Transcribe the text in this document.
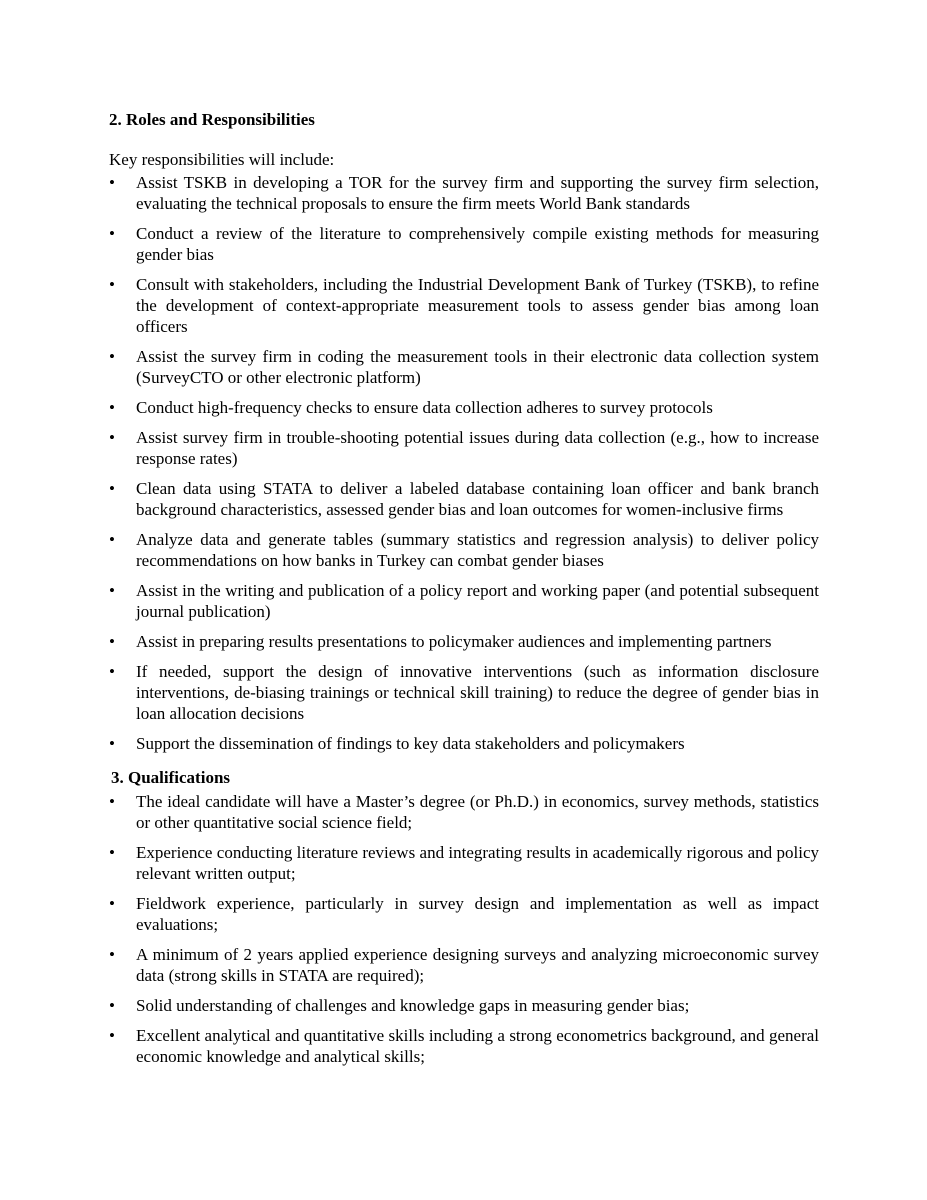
2. Roles and Responsibilities

Key responsibilities will include:

• Assist TSKB in developing a TOR for the survey firm and supporting the survey firm selection, evaluating the technical proposals to ensure the firm meets World Bank standards
• Conduct a review of the literature to comprehensively compile existing methods for measuring gender bias
• Consult with stakeholders, including the Industrial Development Bank of Turkey (TSKB), to refine the development of context-appropriate measurement tools to assess gender bias among loan officers
• Assist the survey firm in coding the measurement tools in their electronic data collection system (SurveyCTO or other electronic platform)
• Conduct high-frequency checks to ensure data collection adheres to survey protocols
• Assist survey firm in trouble-shooting potential issues during data collection (e.g., how to increase response rates)
• Clean data using STATA to deliver a labeled database containing loan officer and bank branch background characteristics, assessed gender bias and loan outcomes for women-inclusive firms
• Analyze data and generate tables (summary statistics and regression analysis) to deliver policy recommendations on how banks in Turkey can combat gender biases
• Assist in the writing and publication of a policy report and working paper (and potential subsequent journal publication)
• Assist in preparing results presentations to policymaker audiences and implementing partners
• If needed, support the design of innovative interventions (such as information disclosure interventions, de-biasing trainings or technical skill training) to reduce the degree of gender bias in loan allocation decisions
• Support the dissemination of findings to key data stakeholders and policymakers
3. Qualifications
• The ideal candidate will have a Master’s degree (or Ph.D.) in economics, survey methods, statistics or other quantitative social science field;
• Experience conducting literature reviews and integrating results in academically rigorous and policy relevant written output;
• Fieldwork experience, particularly in survey design and implementation as well as impact evaluations;
• A minimum of 2 years applied experience designing surveys and analyzing microeconomic survey data (strong skills in STATA are required);
• Solid understanding of challenges and knowledge gaps in measuring gender bias;
• Excellent analytical and quantitative skills including a strong econometrics background, and general economic knowledge and analytical skills;
